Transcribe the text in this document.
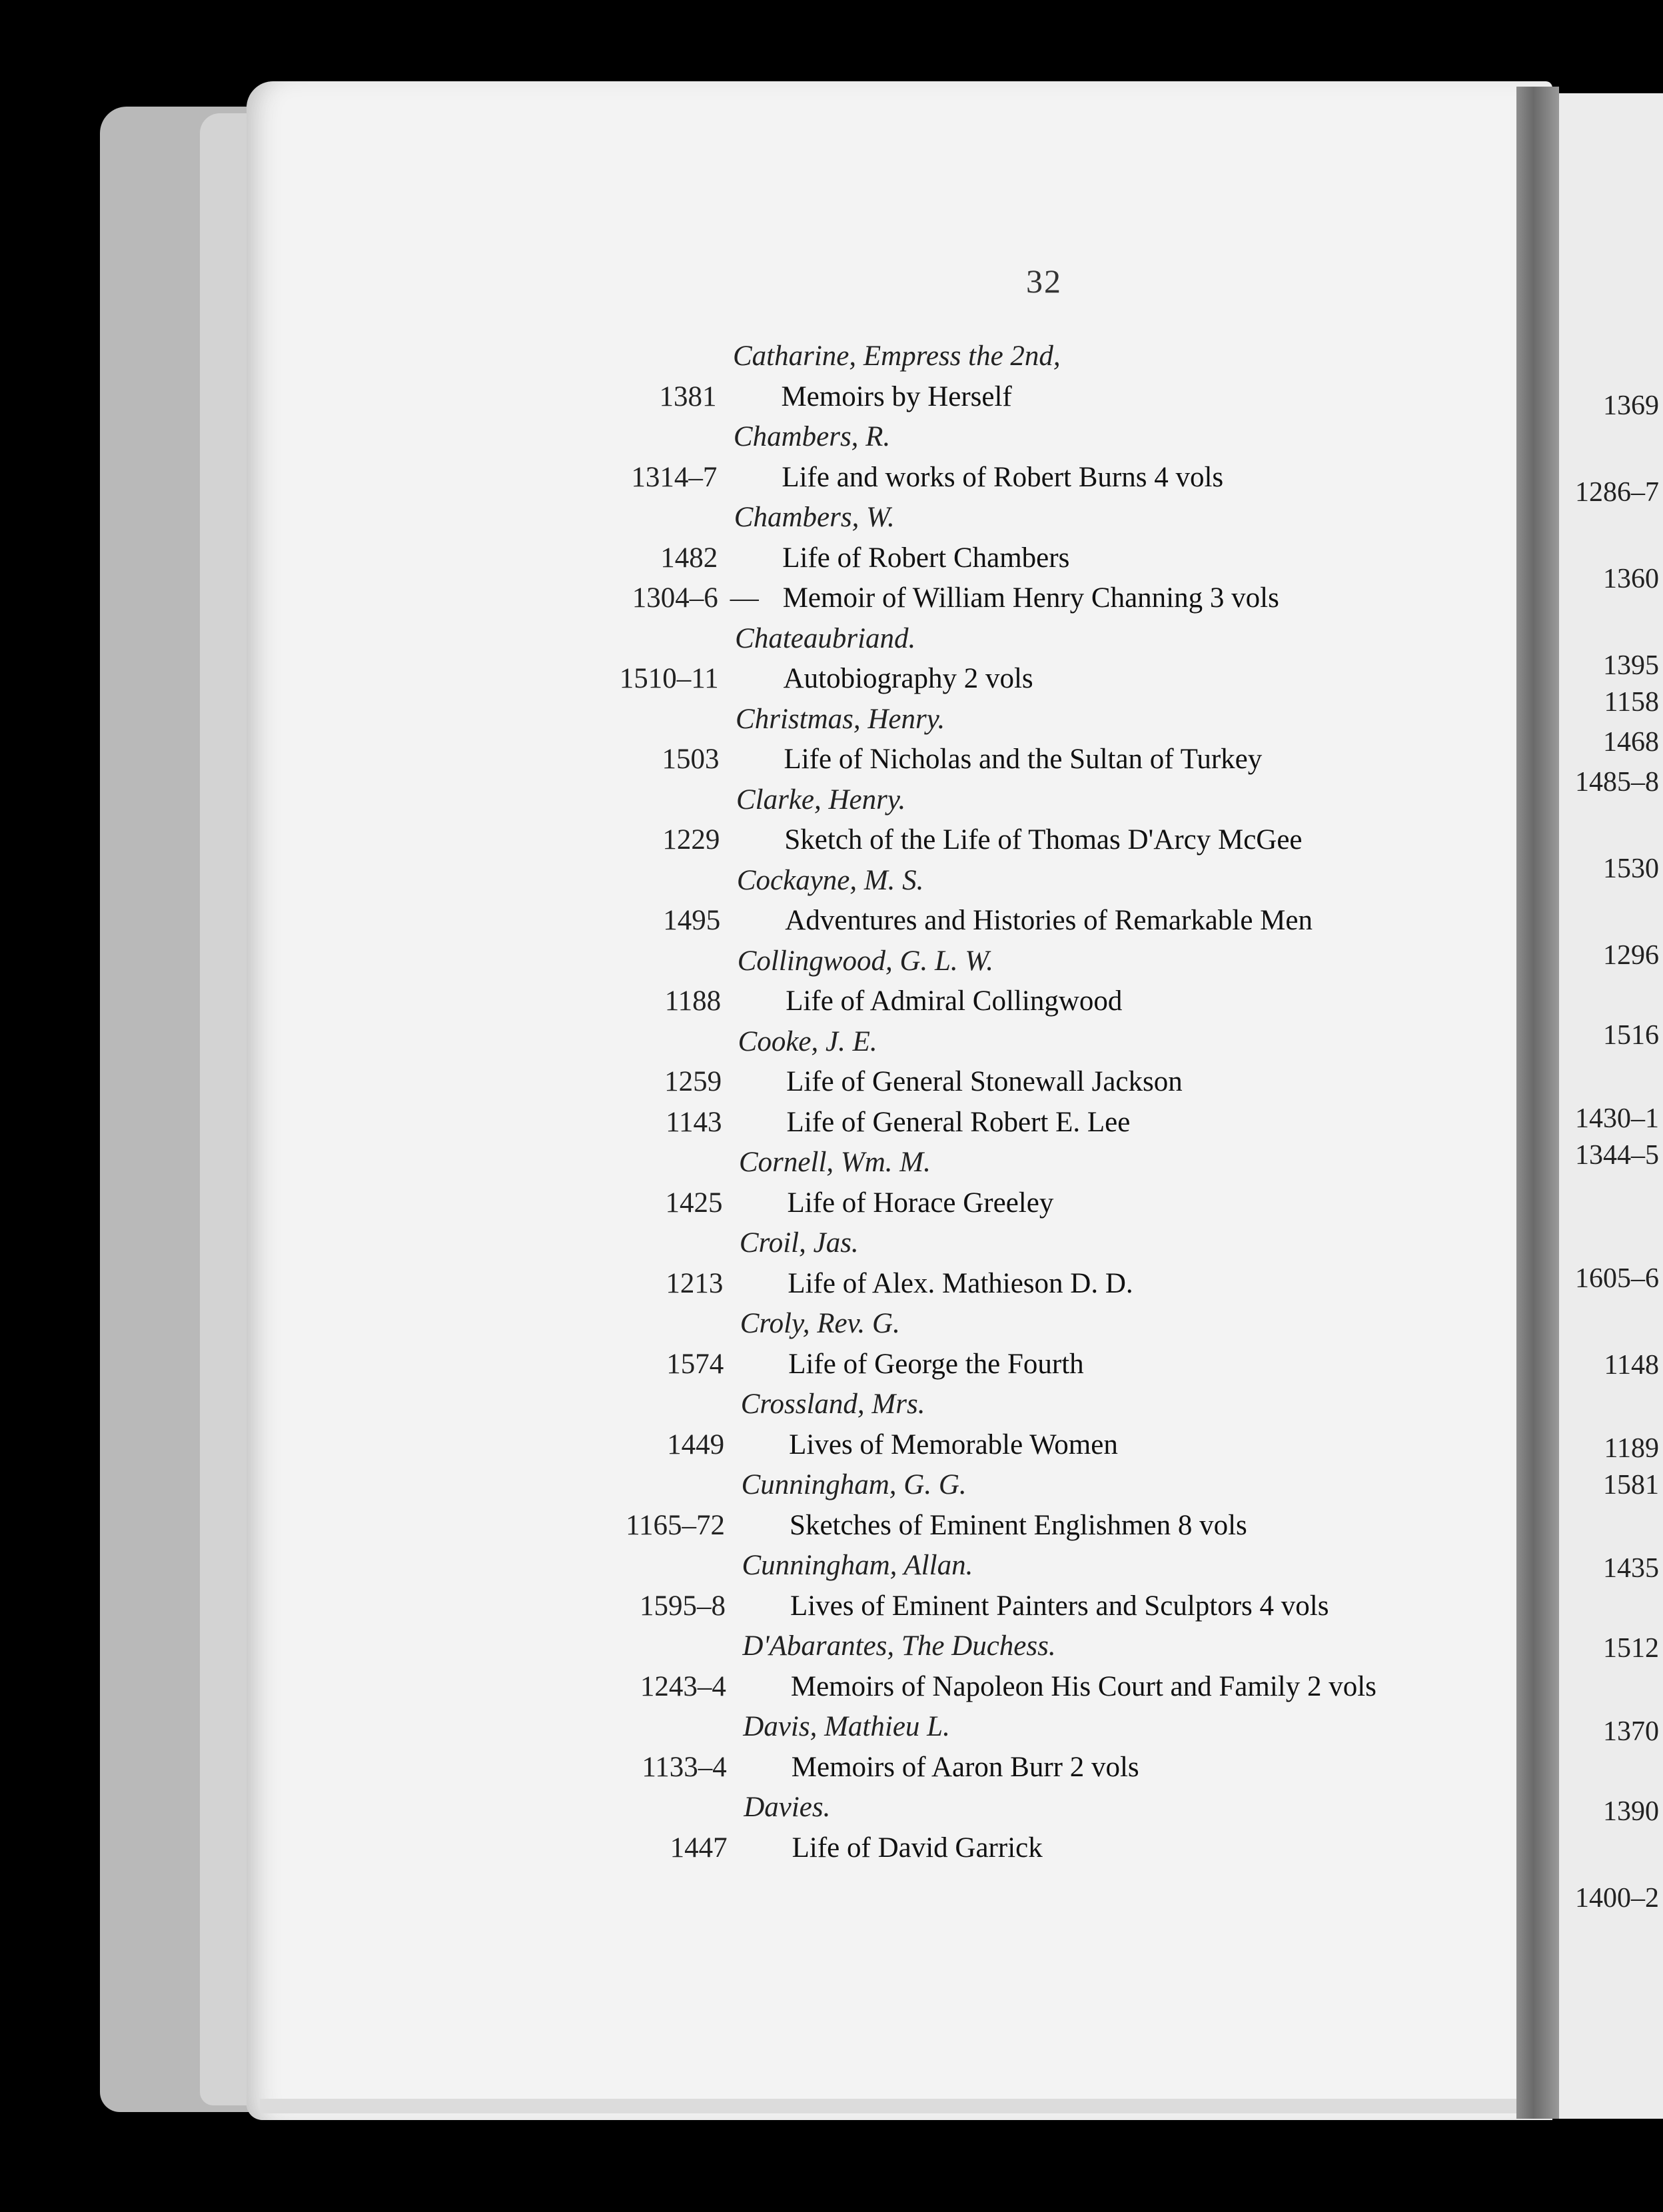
32
Catharine, Empress the 2nd,
1381 Memoirs by Herself
Chambers, R.
1314–7 Life and works of Robert Burns 4 vols
Chambers, W.
1482 Life of Robert Chambers
1304–6 — Memoir of William Henry Channing 3 vols
Chateaubriand.
1510–11 Autobiography 2 vols
Christmas, Henry.
1503 Life of Nicholas and the Sultan of Turkey
Clarke, Henry.
1229 Sketch of the Life of Thomas D'Arcy McGee
Cockayne, M. S.
1495 Adventures and Histories of Remarkable Men
Collingwood, G. L. W.
1188 Life of Admiral Collingwood
Cooke, J. E.
1259 Life of General Stonewall Jackson
1143 Life of General Robert E. Lee
Cornell, Wm. M.
1425 Life of Horace Greeley
Croil, Jas.
1213 Life of Alex. Mathieson D. D.
Croly, Rev. G.
1574 Life of George the Fourth
Crossland, Mrs.
1449 Lives of Memorable Women
Cunningham, G. G.
1165–72 Sketches of Eminent Englishmen 8 vols
Cunningham, Allan.
1595–8 Lives of Eminent Painters and Sculptors 4 vols
D'Abarantes, The Duchess.
1243–4 Memoirs of Napoleon His Court and Family 2 vols
Davis, Mathieu L.
1133–4 Memoirs of Aaron Burr 2 vols
Davies.
1447 Life of David Garrick
1369
1286–7
1360
1395
1158
1468
1485–8
1530
1296
1516
1430–1
1344–5
1605–6
1148
1189
1581
1435
1512
1370
1390
1400–2
